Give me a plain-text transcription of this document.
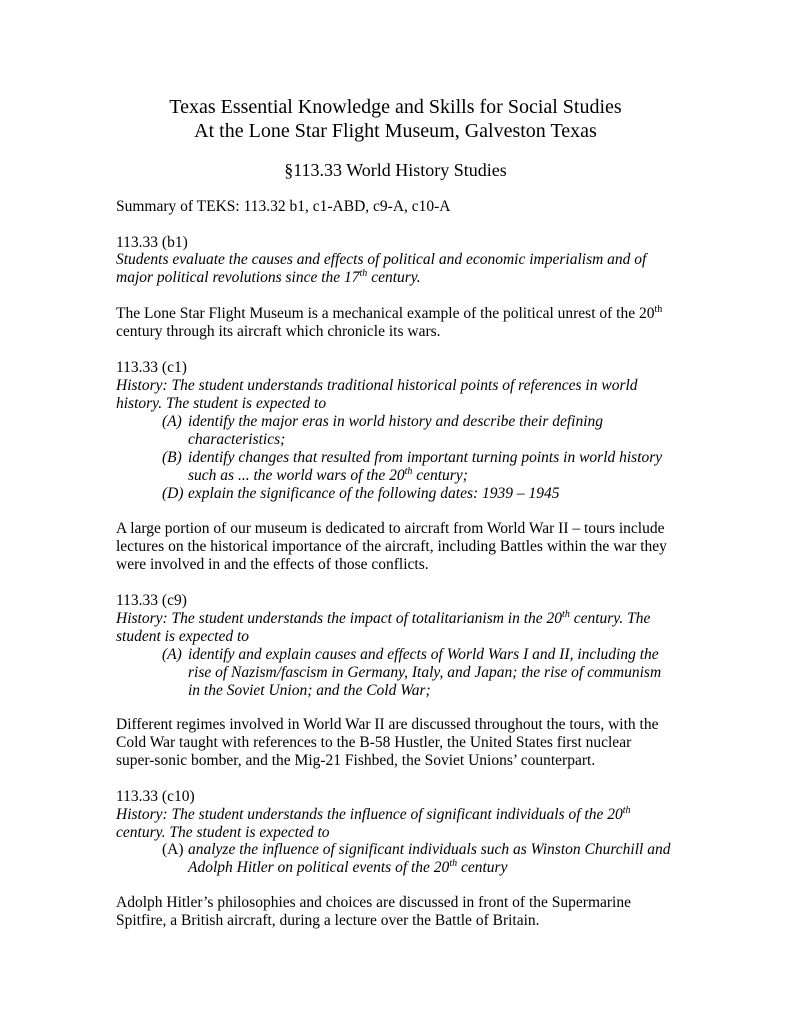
Texas Essential Knowledge and Skills for Social Studies
At the Lone Star Flight Museum, Galveston Texas
§113.33 World History Studies
Summary of TEKS: 113.32 b1, c1-ABD, c9-A, c10-A
113.33 (b1)
Students evaluate the causes and effects of political and economic imperialism and of
major political revolutions since the 17th century.
The Lone Star Flight Museum is a mechanical example of the political unrest of the 20th
century through its aircraft which chronicle its wars.
113.33 (c1)
History: The student understands traditional historical points of references in world
history. The student is expected to
(A) identify the major eras in world history and describe their defining
characteristics;
(B) identify changes that resulted from important turning points in world history
such as ... the world wars of the 20th century;
(D) explain the significance of the following dates: 1939 – 1945
A large portion of our museum is dedicated to aircraft from World War II – tours include
lectures on the historical importance of the aircraft, including Battles within the war they
were involved in and the effects of those conflicts.
113.33 (c9)
History: The student understands the impact of totalitarianism in the 20th century. The
student is expected to
(A) identify and explain causes and effects of World Wars I and II, including the
rise of Nazism/fascism in Germany, Italy, and Japan; the rise of communism
in the Soviet Union; and the Cold War;
Different regimes involved in World War II are discussed throughout the tours, with the
Cold War taught with references to the B-58 Hustler, the United States first nuclear
super-sonic bomber, and the Mig-21 Fishbed, the Soviet Unions’ counterpart.
113.33 (c10)
History: The student understands the influence of significant individuals of the 20th
century. The student is expected to
(A) analyze the influence of significant individuals such as Winston Churchill and
Adolph Hitler on political events of the 20th century
Adolph Hitler’s philosophies and choices are discussed in front of the Supermarine
Spitfire, a British aircraft, during a lecture over the Battle of Britain.
